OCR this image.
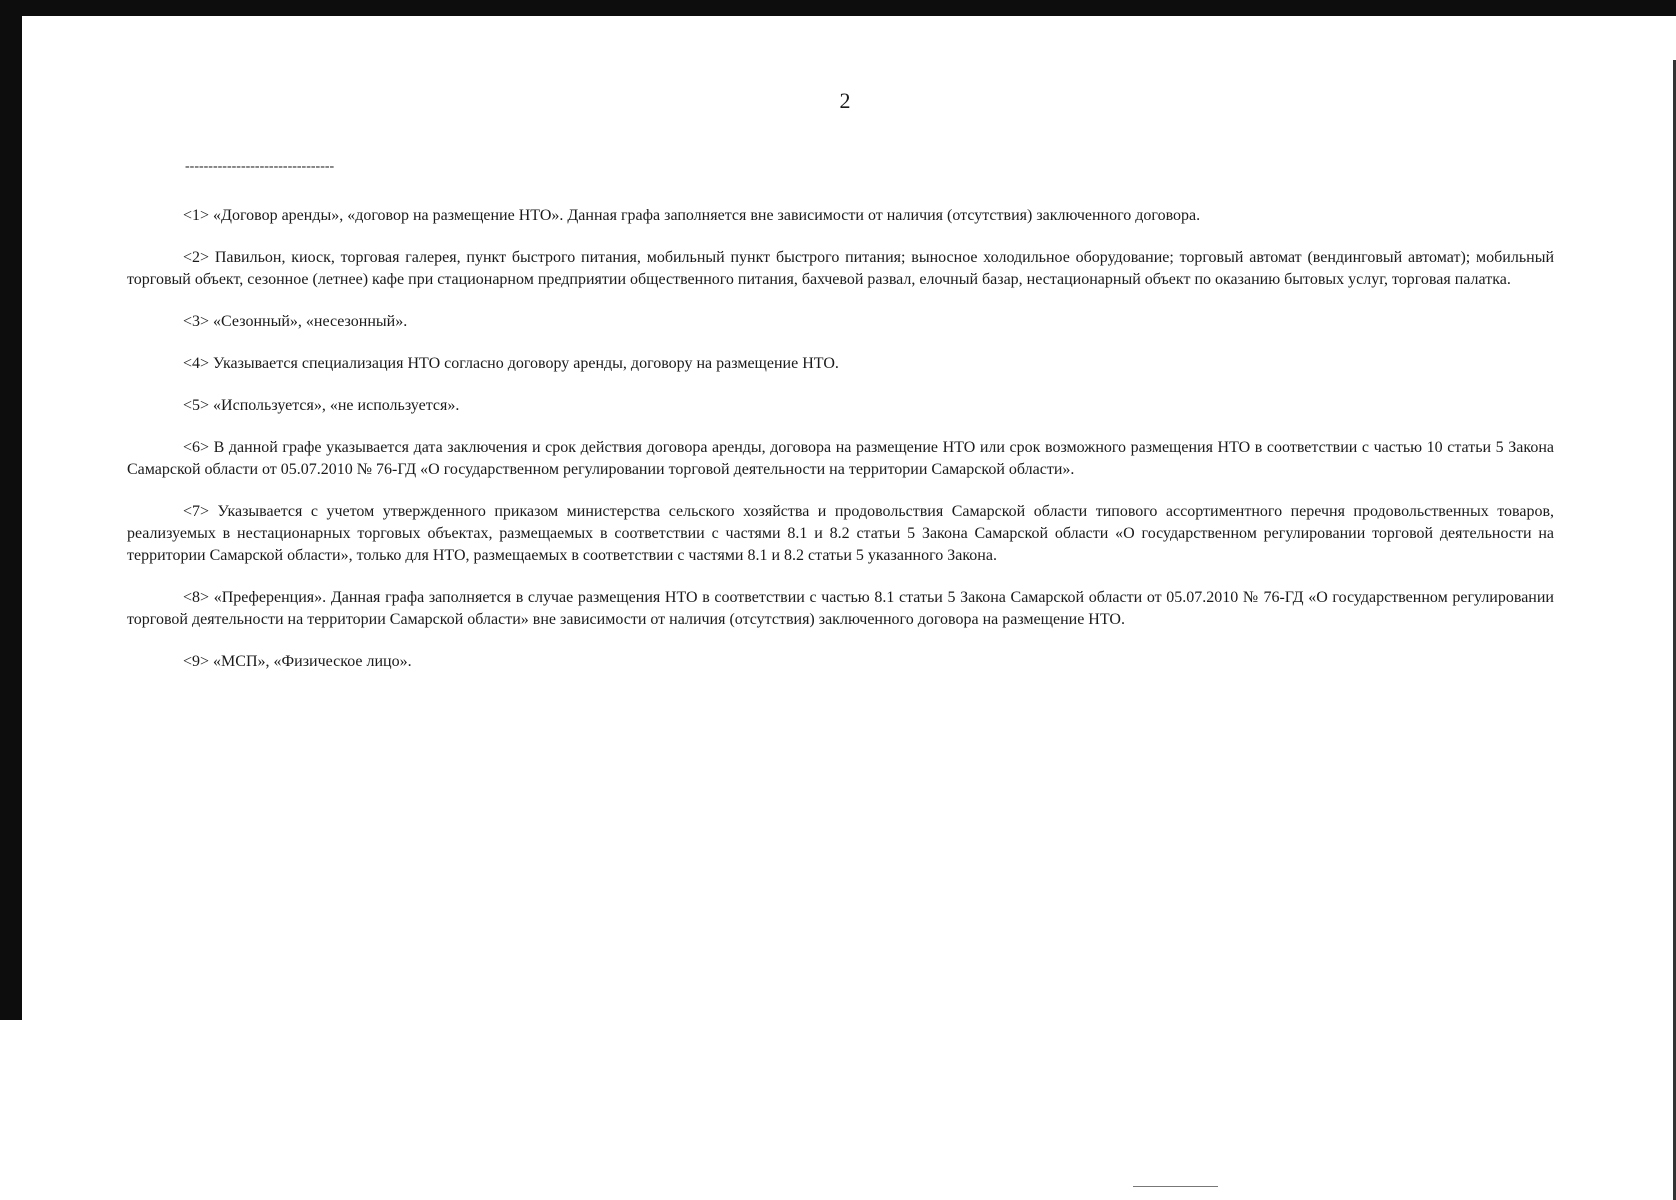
2
--------------------------------

<1> «Договор аренды», «договор на размещение НТО». Данная графа заполняется вне зависимости от наличия (отсутствия) заключенного договора.

<2> Павильон, киоск, торговая галерея, пункт быстрого питания, мобильный пункт быстрого питания; выносное холодильное оборудование; торговый автомат (вендинговый автомат); мобильный торговый объект, сезонное (летнее) кафе при стационарном предприятии общественного питания, бахчевой развал, елочный базар, нестационарный объект по оказанию бытовых услуг, торговая палатка.

<3> «Сезонный», «несезонный».

<4> Указывается специализация НТО согласно договору аренды, договору на размещение НТО.

<5> «Используется», «не используется».

<6> В данной графе указывается дата заключения и срок действия договора аренды, договора на размещение НТО или срок возможного размещения НТО в соответствии с частью 10 статьи 5 Закона Самарской области от 05.07.2010 № 76-ГД «О государственном регулировании торговой деятельности на территории Самарской области».

<7> Указывается с учетом утвержденного приказом министерства сельского хозяйства и продовольствия Самарской области типового ассортиментного перечня продовольственных товаров, реализуемых в нестационарных торговых объектах, размещаемых в соответствии с частями 8.1 и 8.2 статьи 5 Закона Самарской области «О государственном регулировании торговой деятельности на территории Самарской области», только для НТО, размещаемых в соответствии с частями 8.1 и 8.2 статьи 5 указанного Закона.

<8> «Преференция». Данная графа заполняется в случае размещения НТО в соответствии с частью 8.1 статьи 5 Закона Самарской области от 05.07.2010 № 76-ГД «О государственном регулировании торговой деятельности на территории Самарской области» вне зависимости от наличия (отсутствия) заключенного договора на размещение НТО.

<9> «МСП», «Физическое лицо».
